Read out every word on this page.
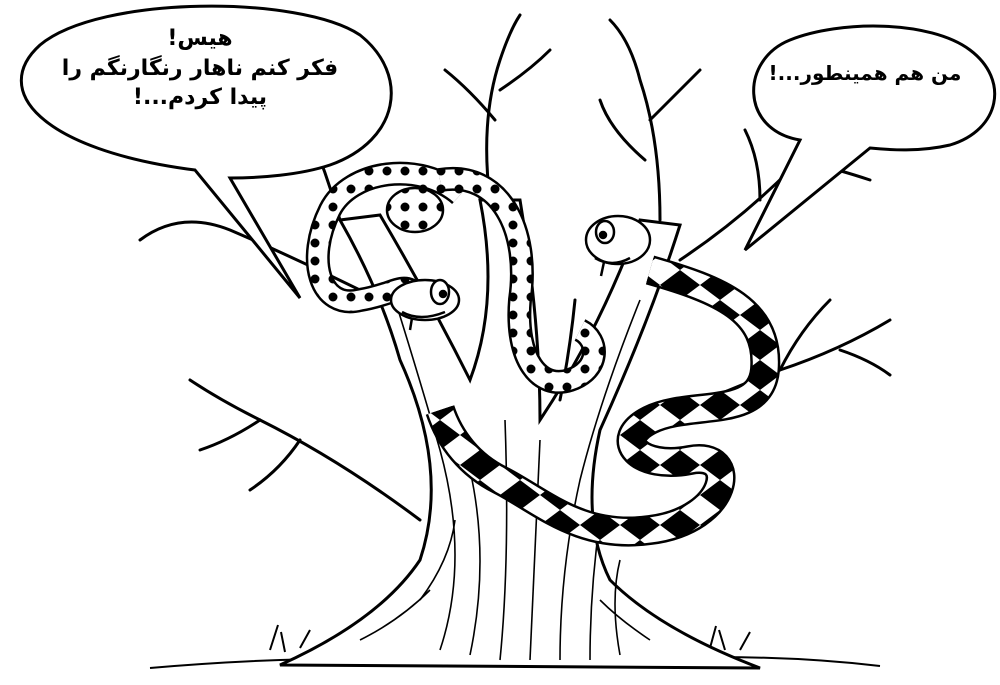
هیس!
فکر کنم ناهار رنگارنگم را
پیدا کردم...!
من هم همینطور...!
